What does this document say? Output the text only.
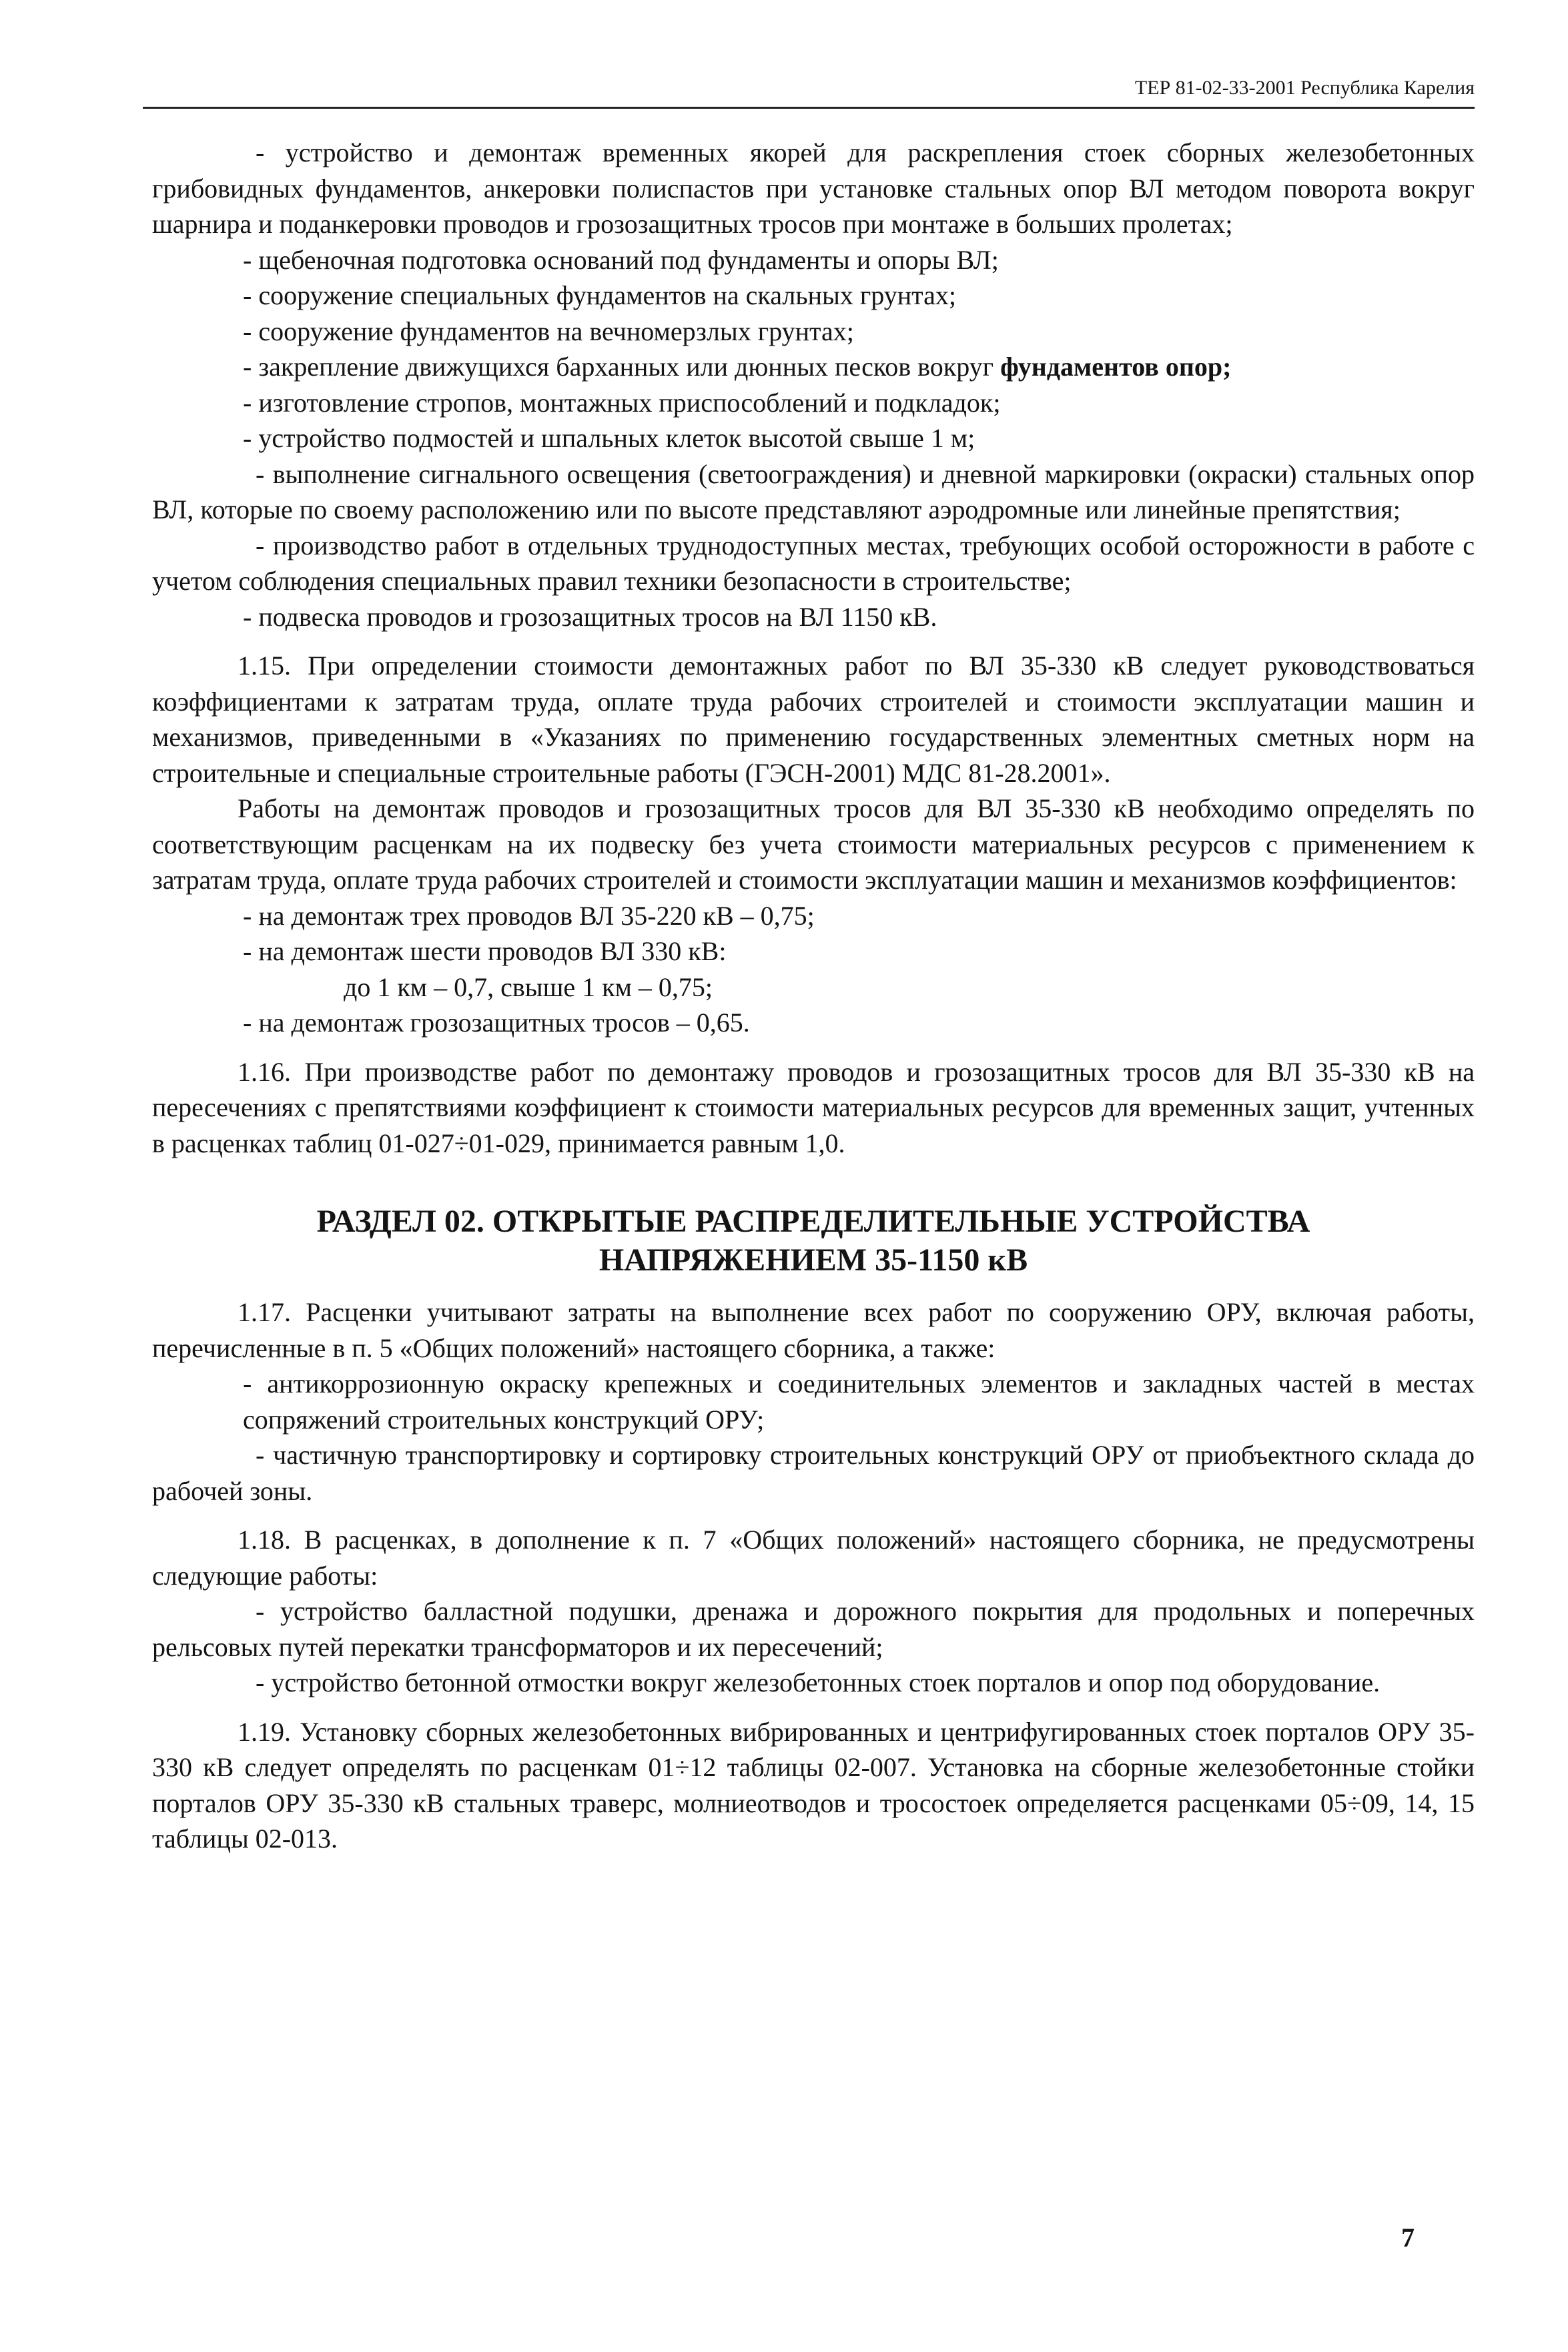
ТЕР 81-02-33-2001 Республика Карелия

- устройство и демонтаж временных якорей для раскрепления стоек сборных железобетонных грибовидных фундаментов, анкеровки полиспастов при установке стальных опор ВЛ методом поворота вокруг шарнира и поданкеровки проводов и грозозащитных тросов при монтаже в больших пролетах;

- щебеночная подготовка оснований под фундаменты и опоры ВЛ;

- сооружение специальных фундаментов на скальных грунтах;

- сооружение фундаментов на вечномерзлых грунтах;

- закрепление движущихся барханных или дюнных песков вокруг фундаментов опор;

- изготовление стропов, монтажных приспособлений и подкладок;

- устройство подмостей и шпальных клеток высотой свыше 1 м;

- выполнение сигнального освещения (светоограждения) и дневной маркировки (окраски) стальных опор ВЛ, которые по своему расположению или по высоте представляют аэродромные или линейные препятствия;

- производство работ в отдельных труднодоступных местах, требующих особой осторожности в работе с учетом соблюдения специальных правил техники безопасности в строительстве;

- подвеска проводов и грозозащитных тросов на ВЛ 1150 кВ.

1.15. При определении стоимости демонтажных работ по ВЛ 35-330 кВ следует руководствоваться коэффициентами к затратам труда, оплате труда рабочих строителей и стоимости эксплуатации машин и механизмов, приведенными в «Указаниях по применению государственных элементных сметных норм на строительные и специальные строительные работы (ГЭСН-2001) МДС 81-28.2001».

Работы на демонтаж проводов и грозозащитных тросов для ВЛ 35-330 кВ необходимо определять по соответствующим расценкам на их подвеску без учета стоимости материальных ресурсов с применением к затратам труда, оплате труда рабочих строителей и стоимости эксплуатации машин и механизмов коэффициентов:

- на демонтаж трех проводов ВЛ 35-220 кВ – 0,75;

- на демонтаж шести проводов ВЛ 330 кВ:

до 1 км – 0,7, свыше 1 км – 0,75;

- на демонтаж грозозащитных тросов – 0,65.

1.16. При производстве работ по демонтажу проводов и грозозащитных тросов для ВЛ 35-330 кВ на пересечениях с препятствиями коэффициент к стоимости материальных ресурсов для временных защит, учтенных в расценках таблиц 01-027÷01-029, принимается равным 1,0.

РАЗДЕЛ 02. ОТКРЫТЫЕ РАСПРЕДЕЛИТЕЛЬНЫЕ УСТРОЙСТВА
НАПРЯЖЕНИЕМ 35-1150 кВ

1.17. Расценки учитывают затраты на выполнение всех работ по сооружению ОРУ, включая работы, перечисленные в п. 5 «Общих положений» настоящего сборника, а также:

- антикоррозионную окраску крепежных и соединительных элементов и закладных частей в местах сопряжений строительных конструкций ОРУ;

- частичную транспортировку и сортировку строительных конструкций ОРУ от приобъектного склада до рабочей зоны.

1.18. В расценках, в дополнение к п. 7 «Общих положений» настоящего сборника, не предусмотрены следующие работы:

- устройство балластной подушки, дренажа и дорожного покрытия для продольных и поперечных рельсовых путей перекатки трансформаторов и их пересечений;

- устройство бетонной отмостки вокруг железобетонных стоек порталов и опор под оборудование.

1.19. Установку сборных железобетонных вибрированных и центрифугированных стоек порталов ОРУ 35-330 кВ следует определять по расценкам 01÷12 таблицы 02-007. Установка на сборные железобетонные стойки порталов ОРУ 35-330 кВ стальных траверс, молниеотводов и тросостоек определяется расценками 05÷09, 14, 15 таблицы 02-013.

7
